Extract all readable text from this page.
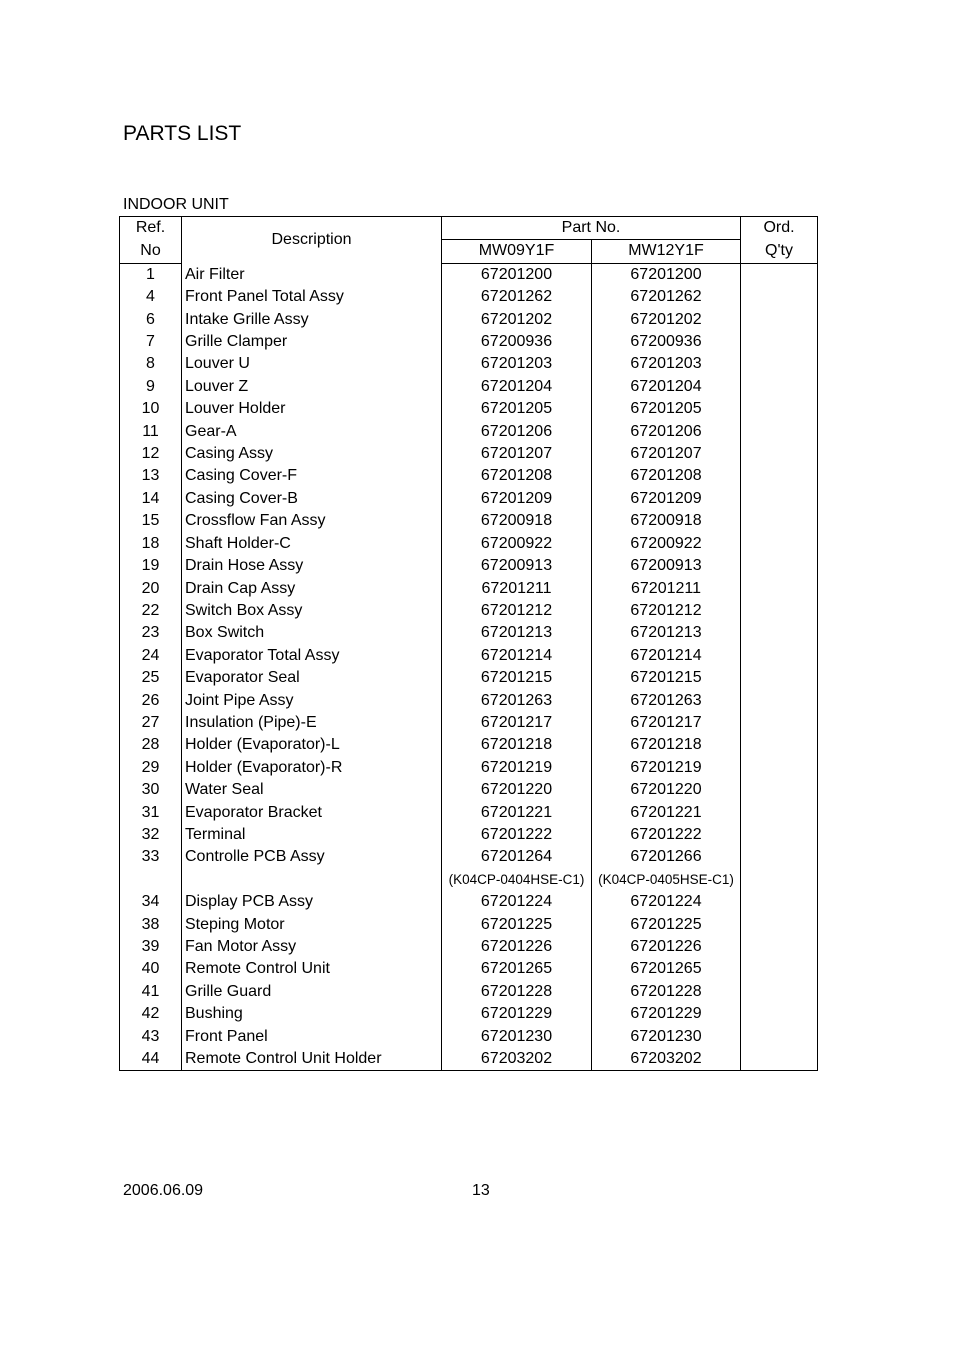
PARTS LIST
INDOOR UNIT
Ref.	Description	Part No.		Ord.
No		MW09Y1F	MW12Y1F	Q'ty
1	Air Filter	67201200	67201200	
4	Front Panel Total Assy	67201262	67201262	
6	Intake Grille Assy	67201202	67201202	
7	Grille Clamper	67200936	67200936	
8	Louver U	67201203	67201203	
9	Louver Z	67201204	67201204	
10	Louver Holder	67201205	67201205	
11	Gear-A	67201206	67201206	
12	Casing Assy	67201207	67201207	
13	Casing Cover-F	67201208	67201208	
14	Casing Cover-B	67201209	67201209	
15	Crossflow Fan Assy	67200918	67200918	
18	Shaft Holder-C	67200922	67200922	
19	Drain Hose Assy	67200913	67200913	
20	Drain Cap Assy	67201211	67201211	
22	Switch Box Assy	67201212	67201212	
23	Box Switch	67201213	67201213	
24	Evaporator Total Assy	67201214	67201214	
25	Evaporator Seal	67201215	67201215	
26	Joint Pipe Assy	67201263	67201263	
27	Insulation (Pipe)-E	67201217	67201217	
28	Holder (Evaporator)-L	67201218	67201218	
29	Holder (Evaporator)-R	67201219	67201219	
30	Water Seal	67201220	67201220	
31	Evaporator Bracket	67201221	67201221	
32	Terminal	67201222	67201222	
33	Controlle PCB Assy	67201264	67201266	
		(K04CP-0404HSE-C1)	(K04CP-0405HSE-C1)	
34	Display PCB Assy	67201224	67201224	
38	Steping Motor	67201225	67201225	
39	Fan Motor Assy	67201226	67201226	
40	Remote Control Unit	67201265	67201265	
41	Grille Guard	67201228	67201228	
42	Bushing	67201229	67201229	
43	Front Panel	67201230	67201230	
44	Remote Control Unit Holder	67203202	67203202	
2006.06.09	13
